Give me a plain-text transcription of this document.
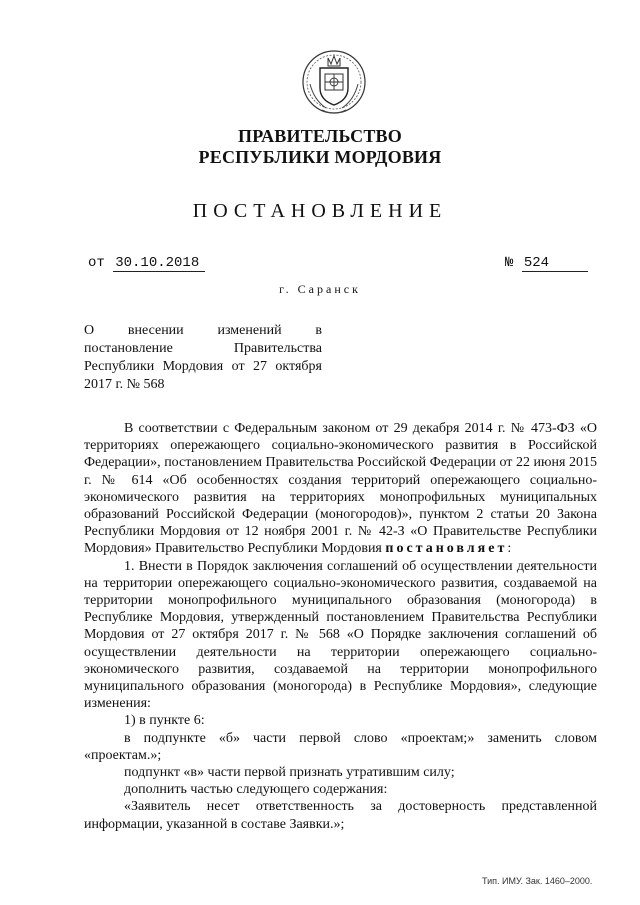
ПРАВИТЕЛЬСТВО
РЕСПУБЛИКИ МОРДОВИЯ
ПОСТАНОВЛЕНИЕ
от 30.10.2018	№ 524
г. Саранск
О внесении изменений в постановление Правительства Республики Мордовия от 27 октября 2017 г. № 568

В соответствии с Федеральным законом от 29 декабря 2014 г. № 473-ФЗ «О территориях опережающего социально-экономического развития в Российской Федерации», постановлением Правительства Российской Федерации от 22 июня 2015 г. № 614 «Об особенностях создания территорий опережающего социально-экономического развития на территориях монопрофильных муниципальных образований Российской Федерации (моногородов)», пунктом 2 статьи 20 Закона Республики Мордовия от 12 ноября 2001 г. № 42-З «О Правительстве Республики Мордовия» Правительство Республики Мордовия постановляет:

1. Внести в Порядок заключения соглашений об осуществлении деятельности на территории опережающего социально-экономического развития, создаваемой на территории монопрофильного муниципального образования (моногорода) в Республике Мордовия, утвержденный постановлением Правительства Республики Мордовия от 27 октября 2017 г. № 568 «О Порядке заключения соглашений об осуществлении деятельности на территории опережающего социально-экономического развития, создаваемой на территории монопрофильного муниципального образования (моногорода) в Республике Мордовия», следующие изменения:

1) в пункте 6:

в подпункте «б» части первой слово «проектам;» заменить словом «проектам.»;

подпункт «в» части первой признать утратившим силу;

дополнить частью следующего содержания:

«Заявитель несет ответственность за достоверность представленной информации, указанной в составе Заявки.»;

Тип. ИМУ. Зак. 1460–2000.
